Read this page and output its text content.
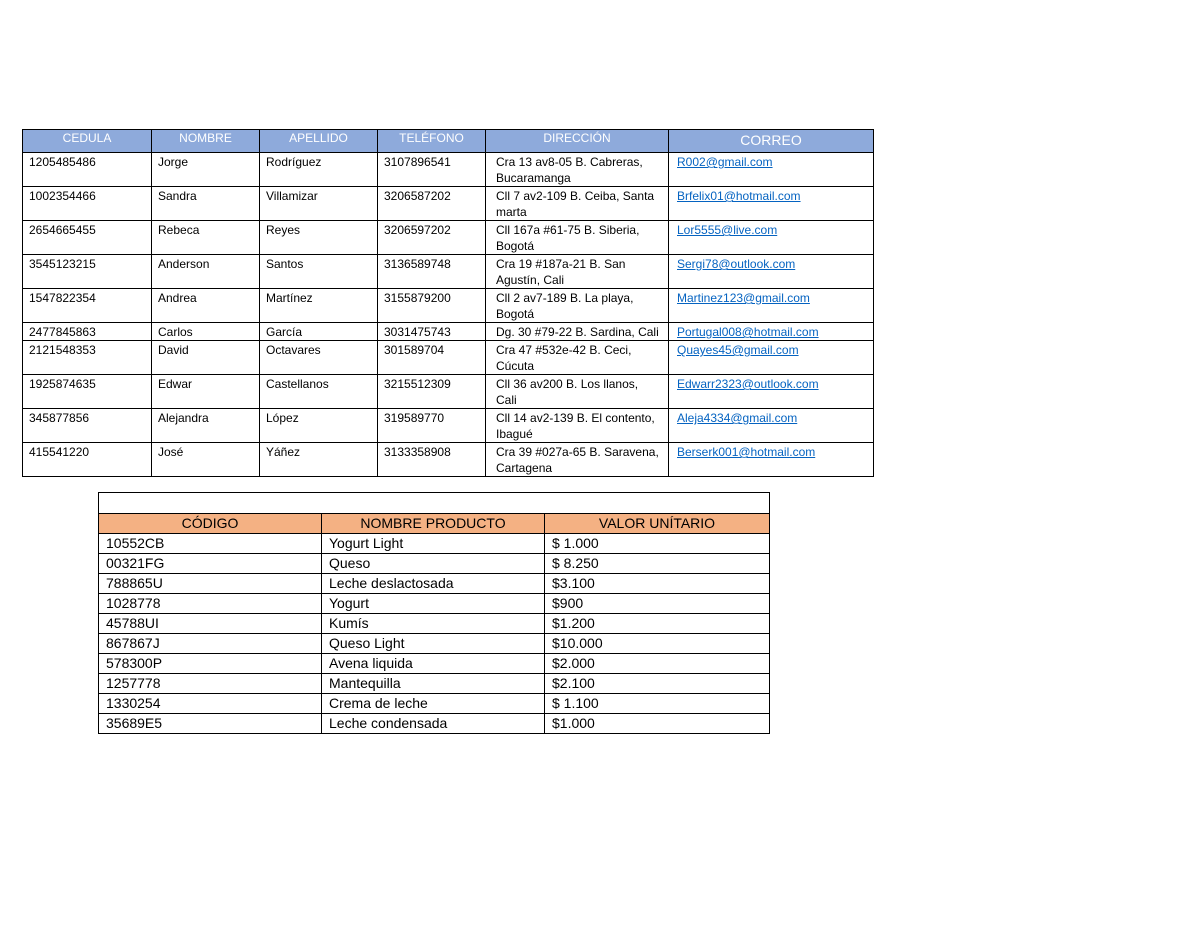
CEDULA	NOMBRE	APELLIDO	TELÉFONO	DIRECCIÓN	CORREO
1205485486	Jorge	Rodríguez	3107896541	Cra 13 av8-05 B. Cabreras, Bucaramanga	R002@gmail.com
1002354466	Sandra	Villamizar	3206587202	Cll 7 av2-109 B. Ceiba, Santa marta	Brfelix01@hotmail.com
2654665455	Rebeca	Reyes	3206597202	Cll 167a #61-75 B. Siberia, Bogotá	Lor5555@live.com
3545123215	Anderson	Santos	3136589748	Cra 19 #187a-21 B. San Agustín, Cali	Sergi78@outlook.com
1547822354	Andrea	Martínez	3155879200	Cll 2 av7-189 B. La playa, Bogotá	Martinez123@gmail.com
2477845863	Carlos	García	3031475743	Dg. 30 #79-22 B. Sardina, Cali	Portugal008@hotmail.com
2121548353	David	Octavares	301589704	Cra 47 #532e-42 B. Ceci, Cúcuta	Quayes45@gmail.com
1925874635	Edwar	Castellanos	3215512309	Cll 36 av200 B. Los llanos, Cali	Edwarr2323@outlook.com
345877856	Alejandra	López	319589770	Cll 14 av2-139 B. El contento, Ibagué	Aleja4334@gmail.com
415541220	José	Yáñez	3133358908	Cra 39 #027a-65 B. Saravena, Cartagena	Berserk001@hotmail.com

CÓDIGO	NOMBRE PRODUCTO	VALOR UNÍTARIO
10552CB	Yogurt Light	$ 1.000
00321FG	Queso	$ 8.250
788865U	Leche deslactosada	$3.100
1028778	Yogurt	$900
45788UI	Kumís	$1.200
867867J	Queso Light	$10.000
578300P	Avena liquida	$2.000
1257778	Mantequilla	$2.100
1330254	Crema de leche	$ 1.100
35689E5	Leche condensada	$1.000
